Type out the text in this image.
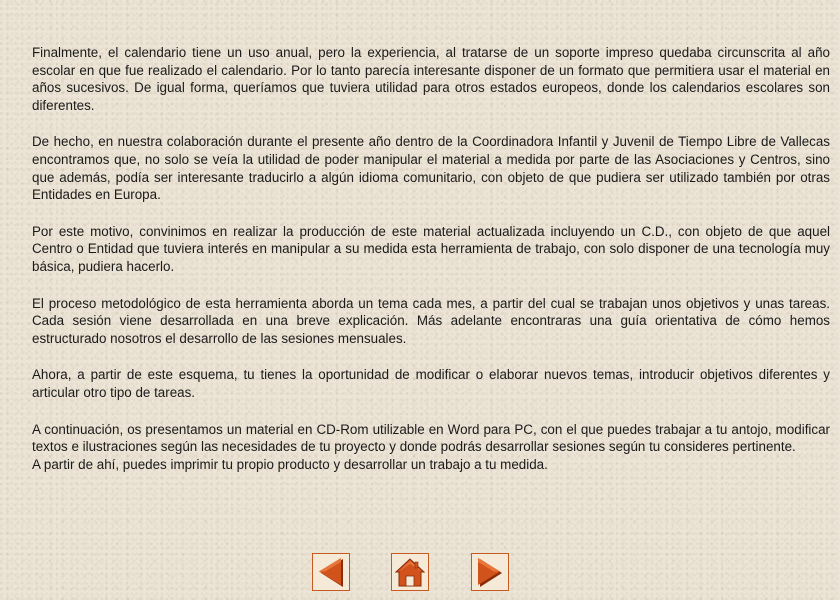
Finalmente, el calendario tiene un uso anual, pero la experiencia, al tratarse de un soporte impreso quedaba circunscrita al año escolar en que fue realizado el calendario. Por lo tanto parecía interesante disponer de un formato que permitiera usar el material en años sucesivos. De igual forma, queríamos que tuviera utilidad para otros estados europeos, donde los calendarios escolares son diferentes.

De hecho, en nuestra colaboración durante el presente año dentro de la Coordinadora Infantil y Juvenil de Tiempo Libre de Vallecas encontramos que, no solo se veía la utilidad de poder manipular el material a medida por parte de las Asociaciones y Centros, sino que además, podía ser interesante traducirlo a algún idioma comunitario, con objeto de que pudiera ser utilizado también por otras Entidades en Europa.

Por este motivo, convinimos en realizar la producción de este material actualizada incluyendo un C.D., con objeto de que aquel Centro o Entidad que tuviera interés en manipular a su medida esta herramienta de trabajo, con solo disponer de una tecnología muy básica, pudiera hacerlo.

El proceso metodológico de esta herramienta aborda un tema cada mes, a partir del cual se trabajan unos objetivos y unas tareas. Cada sesión viene desarrollada en una breve explicación. Más adelante encontraras una guía orientativa de cómo hemos estructurado nosotros el desarrollo de las sesiones mensuales.

Ahora, a partir de este esquema, tu tienes la oportunidad de modificar o elaborar nuevos temas, introducir objetivos diferentes y articular otro tipo de tareas.

A continuación, os presentamos un material en CD-Rom utilizable en Word para PC, con el que puedes trabajar a tu antojo, modificar textos e ilustraciones según las necesidades de tu proyecto y donde podrás desarrollar sesiones según tu consideres pertinente.

A partir de ahí, puedes imprimir tu propio producto y desarrollar un trabajo a tu medida.
